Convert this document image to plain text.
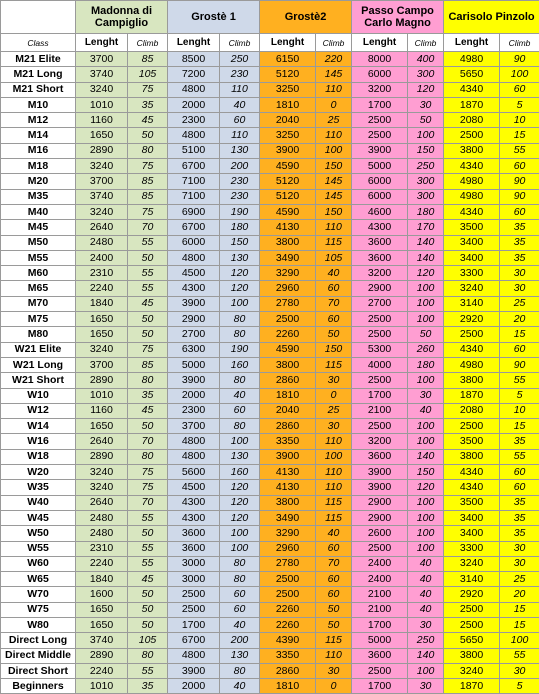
	Madonna di Campiglio		Grostè 1		Grostè2		Passo Campo Carlo Magno		Carisolo Pinzolo	
Class	Lenght	Climb	Lenght	Climb	Lenght	Climb	Lenght	Climb	Lenght	Climb
M21 Elite	3700	85	8500	250	6150	220	8000	400	4980	90
M21 Long	3740	105	7200	230	5120	145	6000	300	5650	100
M21 Short	3240	75	4800	110	3250	110	3200	120	4340	60
M10	1010	35	2000	40	1810	0	1700	30	1870	5
M12	1160	45	2300	60	2040	25	2500	50	2080	10
M14	1650	50	4800	110	3250	110	2500	100	2500	15
M16	2890	80	5100	130	3900	100	3900	150	3800	55
M18	3240	75	6700	200	4590	150	5000	250	4340	60
M20	3700	85	7100	230	5120	145	6000	300	4980	90
M35	3740	85	7100	230	5120	145	6000	300	4980	90
M40	3240	75	6900	190	4590	150	4600	180	4340	60
M45	2640	70	6700	180	4130	110	4300	170	3500	35
M50	2480	55	6000	150	3800	115	3600	140	3400	35
M55	2400	50	4800	130	3490	105	3600	140	3400	35
M60	2310	55	4500	120	3290	40	3200	120	3300	30
M65	2240	55	4300	120	2960	60	2900	100	3240	30
M70	1840	45	3900	100	2780	70	2700	100	3140	25
M75	1650	50	2900	80	2500	60	2500	100	2920	20
M80	1650	50	2700	80	2260	50	2500	50	2500	15
W21 Elite	3240	75	6300	190	4590	150	5300	260	4340	60
W21 Long	3700	85	5000	160	3800	115	4000	180	4980	90
W21 Short	2890	80	3900	80	2860	30	2500	100	3800	55
W10	1010	35	2000	40	1810	0	1700	30	1870	5
W12	1160	45	2300	60	2040	25	2100	40	2080	10
W14	1650	50	3700	80	2860	30	2500	100	2500	15
W16	2640	70	4800	100	3350	110	3200	100	3500	35
W18	2890	80	4800	130	3900	100	3600	140	3800	55
W20	3240	75	5600	160	4130	110	3900	150	4340	60
W35	3240	75	4500	120	4130	110	3900	120	4340	60
W40	2640	70	4300	120	3800	115	2900	100	3500	35
W45	2480	55	4300	120	3490	115	2900	100	3400	35
W50	2480	50	3600	100	3290	40	2600	100	3400	35
W55	2310	55	3600	100	2960	60	2500	100	3300	30
W60	2240	55	3000	80	2780	70	2400	40	3240	30
W65	1840	45	3000	80	2500	60	2400	40	3140	25
W70	1600	50	2500	60	2500	60	2100	40	2920	20
W75	1650	50	2500	60	2260	50	2100	40	2500	15
W80	1650	50	1700	40	2260	50	1700	30	2500	15
Direct Long	3740	105	6700	200	4390	115	5000	250	5650	100
Direct Middle	2890	80	4800	130	3350	110	3600	140	3800	55
Direct Short	2240	55	3900	80	2860	30	2500	100	3240	30
Beginners	1010	35	2000	40	1810	0	1700	30	1870	5
